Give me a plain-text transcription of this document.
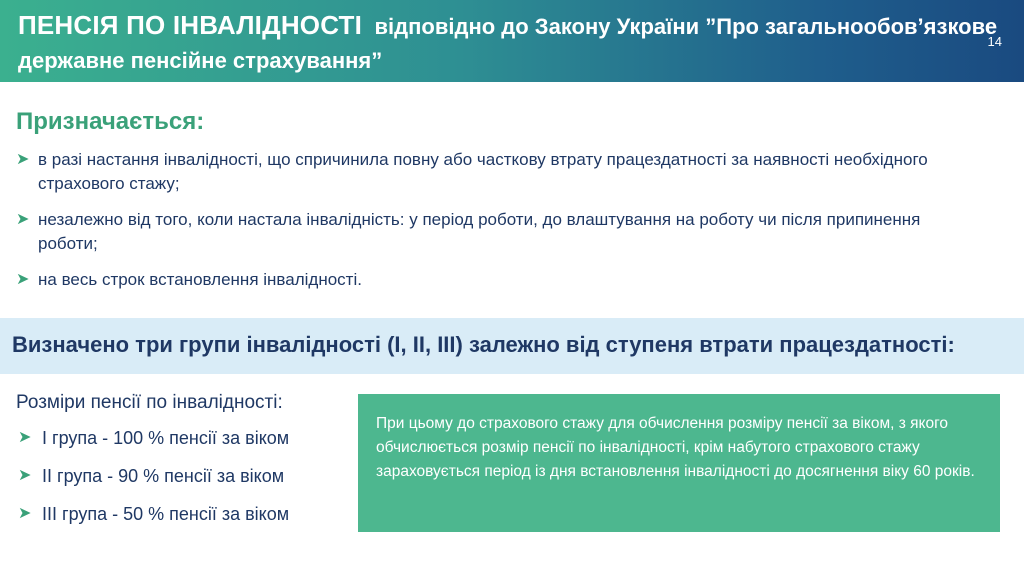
ПЕНСІЯ ПО ІНВАЛІДНОСТІ відповідно до Закону України ”Про загальнообов’язкове
державне пенсійне страхування”
14
Призначається:
➤ в разі настання інвалідності, що спричинила повну або часткову втрату працездатності за наявності необхідного страхового стажу;
➤ незалежно від того, коли настала інвалідність: у період роботи, до влаштування на роботу чи після припинення роботи;
➤ на весь строк встановлення інвалідності.
Визначено три групи інвалідності (I, II, III) залежно від ступеня втрати працездатності:
Розміри пенсії по інвалідності:
➤ I група - 100 % пенсії за віком
➤ II група - 90 % пенсії за віком
➤ III група - 50 % пенсії за віком
При цьому до страхового стажу для обчислення розміру пенсії за віком, з якого обчислюється розмір пенсії по інвалідності, крім набутого страхового стажу зараховується період із дня встановлення інвалідності до досягнення віку 60 років.
